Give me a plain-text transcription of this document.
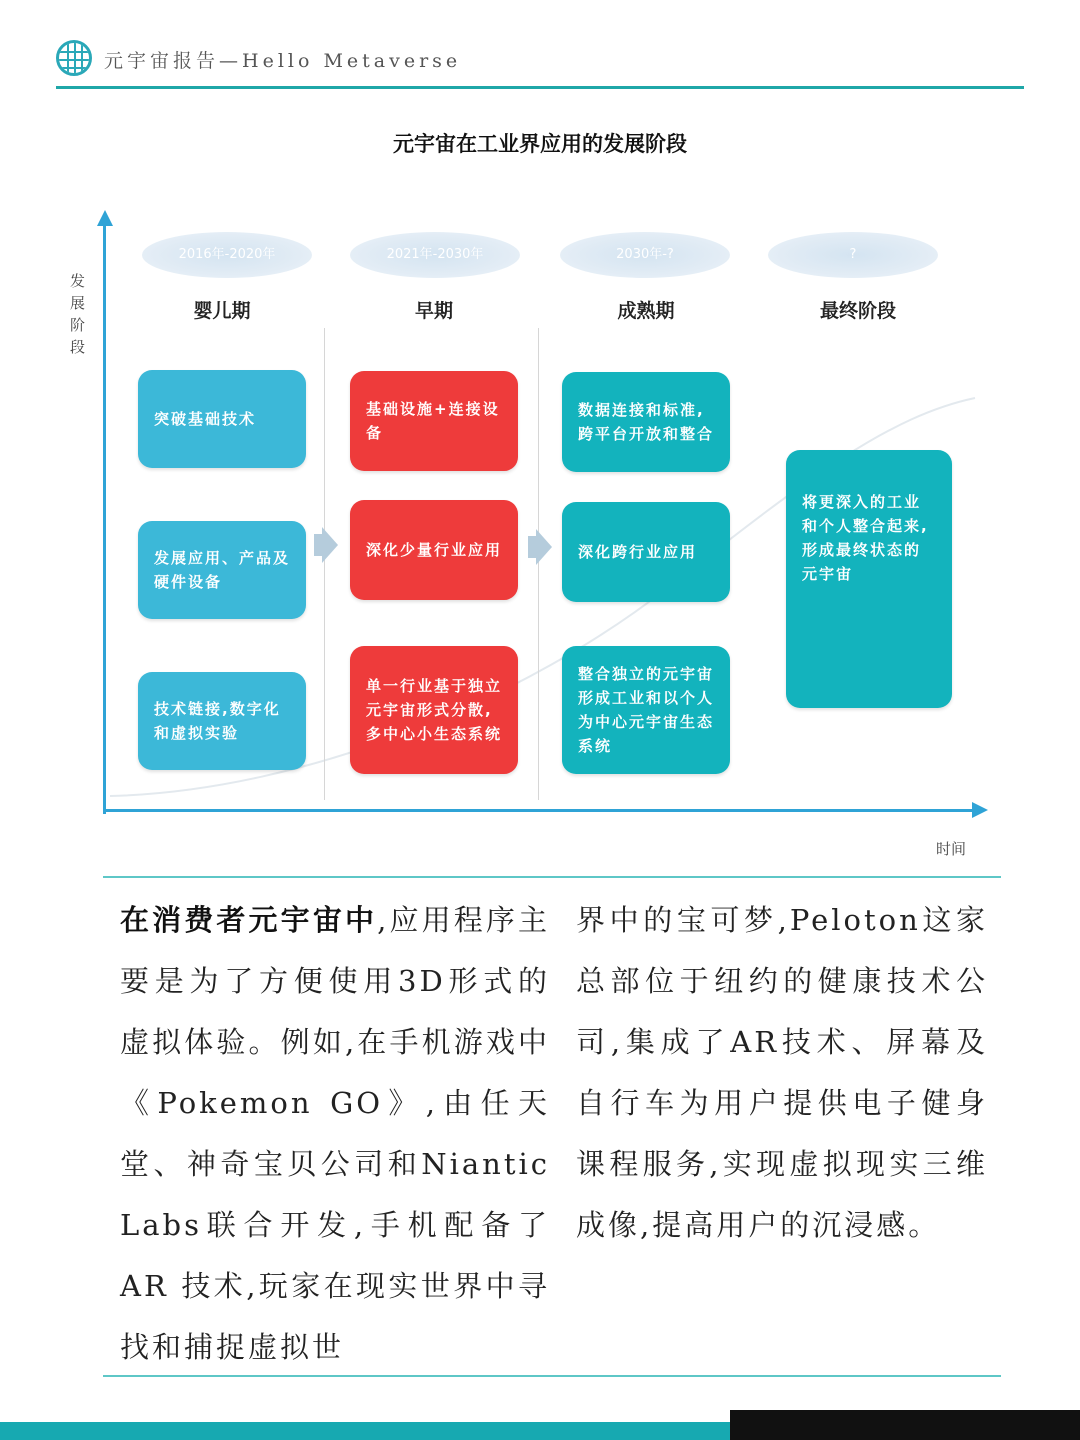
元宇宙报告—Hello Metaverse
元宇宙在工业界应用的发展阶段
发展阶段
时间
2016年-2020年	2021年-2030年	2030年-?	?
婴儿期	早期	成熟期	最终阶段
突破基础技术
发展应用、产品及硬件设备
技术链接,数字化和虚拟实验
基础设施+连接设备
深化少量行业应用
单一行业基于独立元宇宙形式分散,多中心小生态系统
数据连接和标准,跨平台开放和整合
深化跨行业应用
整合独立的元宇宙形成工业和以个人为中心元宇宙生态系统
将更深入的工业和个人整合起来,形成最终状态的元宇宙
在消费者元宇宙中,应用程序主要是为了方便使用3D形式的虚拟体验。例如,在手机游戏中《Pokemon GO》,由任天堂、神奇宝贝公司和Niantic Labs联合开发,手机配备了AR 技术,玩家在现实世界中寻找和捕捉虚拟世
界中的宝可梦,Peloton这家总部位于纽约的健康技术公司,集成了AR技术、屏幕及自行车为用户提供电子健身课程服务,实现虚拟现实三维成像,提高用户的沉浸感。
